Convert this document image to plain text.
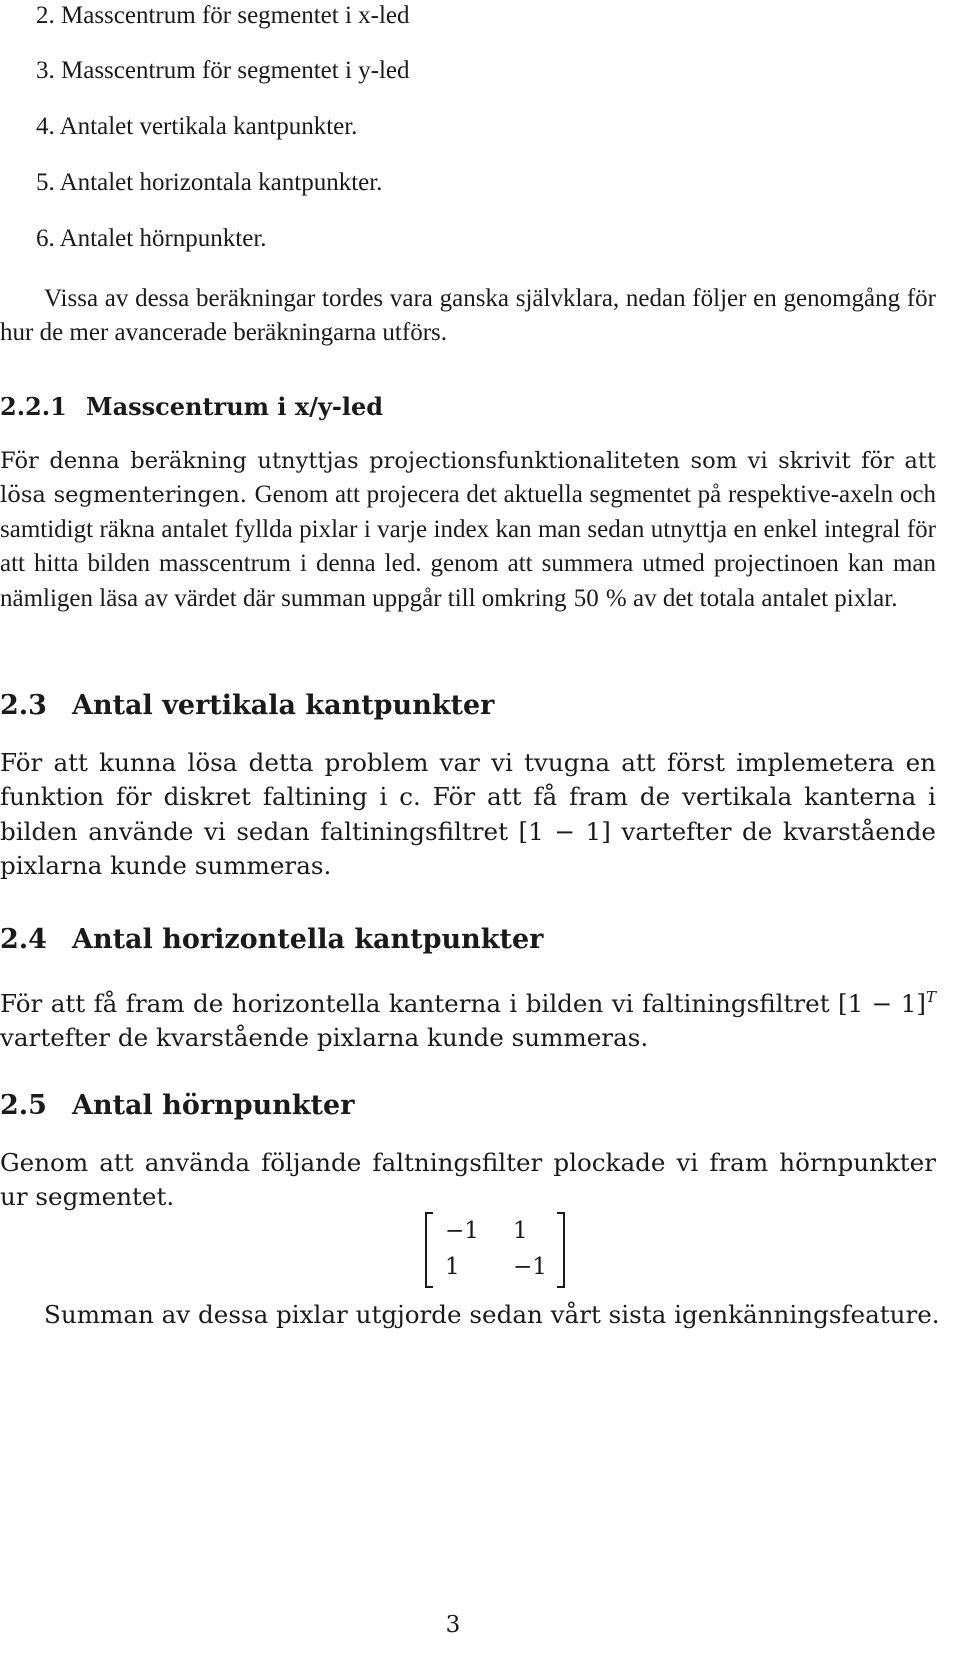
2. Masscentrum för segmentet i x-led
3. Masscentrum för segmentet i y-led
4. Antalet vertikala kantpunkter.
5. Antalet horizontala kantpunkter.
6. Antalet hörnpunkter.

Vissa av dessa beräkningar tordes vara ganska självklara, nedan följer en genomgång för hur de mer avancerade beräkningarna utförs.

2.2.1 Masscentrum i x/y-led

För denna beräkning utnyttjas projectionsfunktionaliteten som vi skrivit för att lösa segmenteringen. Genom att projecera det aktuella segmentet på respektive-axeln och samtidigt räkna antalet fyllda pixlar i varje index kan man sedan utnyttja en enkel integral för att hitta bilden masscentrum i denna led. genom att summera utmed projectinoen kan man nämligen läsa av värdet där summan uppgår till omkring 50 % av det totala antalet pixlar.

2.3 Antal vertikala kantpunkter

För att kunna lösa detta problem var vi tvugna att först implemetera en funktion för diskret faltining i c. För att få fram de vertikala kanterna i bilden använde vi sedan faltiningsfiltret [1 − 1] vartefter de kvarstående pixlarna kunde summeras.

2.4 Antal horizontella kantpunkter

För att få fram de horizontella kanterna i bilden vi faltiningsfiltret $[1 - 1]^T$ vartefter de kvarstående pixlarna kunde summeras.

2.5 Antal hörnpunkter

Genom att använda följande faltningsfilter plockade vi fram hörnpunkter ur segmentet.

−1 1
1 −1

Summan av dessa pixlar utgjorde sedan vårt sista igenkänningsfeature.

3
